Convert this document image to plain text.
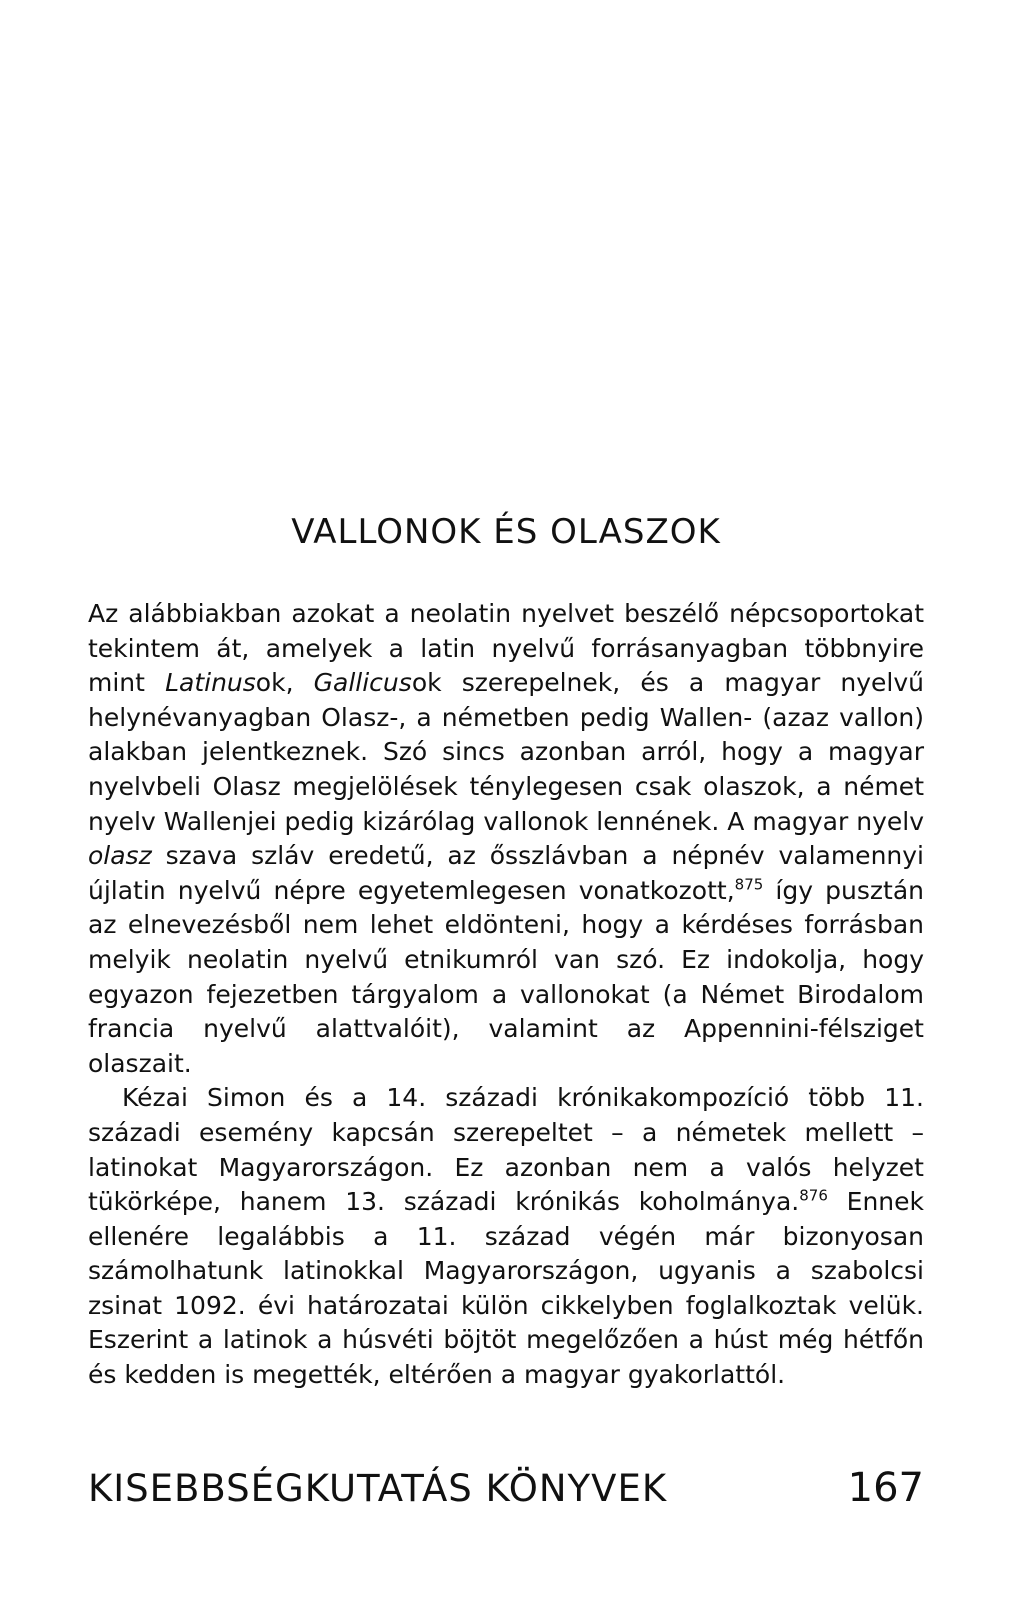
VALLONOK ÉS OLASZOK

Az alábbiakban azokat a neolatin nyelvet beszélő népcsoportokat tekintem át, amelyek a latin nyelvű forrásanyagban többnyire mint Latinusok, Gallicusok szerepelnek, és a magyar nyelvű helynévanyagban Olasz-, a németben pedig Wallen- (azaz vallon) alakban jelentkeznek. Szó sincs azonban arról, hogy a magyar nyelvbeli Olasz megjelölések ténylegesen csak olaszok, a német nyelv Wallenjei pedig kizárólag vallonok lennének. A magyar nyelv olasz szava szláv eredetű, az ősszlávban a népnév valamennyi újlatin nyelvű népre egyetemlegesen vonatkozott,$^{875}$ így pusztán az elnevezésből nem lehet eldönteni, hogy a kérdéses forrásban melyik neolatin nyelvű etnikumról van szó. Ez indokolja, hogy egyazon fejezetben tárgyalom a vallonokat (a Német Birodalom francia nyelvű alattvalóit), valamint az Appennini-félsziget olaszait.

Kézai Simon és a 14. századi krónikakompozíció több 11. századi esemény kapcsán szerepeltet – a németek mellett – latinokat Magyarországon. Ez azonban nem a valós helyzet tükörképe, hanem 13. századi krónikás koholmánya.$^{876}$ Ennek ellenére legalábbis a 11. század végén már bizonyosan számolhatunk latinokkal Magyarországon, ugyanis a szabolcsi zsinat 1092. évi határozatai külön cikkelyben foglalkoztak velük. Eszerint a latinok a húsvéti böjtöt megelőzően a húst még hétfőn és kedden is megették, eltérően a magyar gyakorlattól.

KISEBBSÉGKUTATÁS KÖNYVEK	167
